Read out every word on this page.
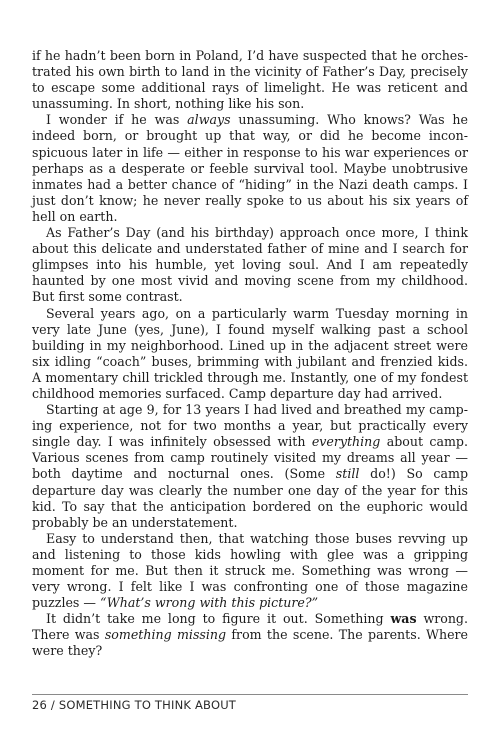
if he hadn’t been born in Poland, I’d have suspected that he orchestrated his own birth to land in the vicinity of Father’s Day, precisely to escape some additional rays of limelight. He was reticent and unassuming. In short, nothing like his son.

I wonder if he was always unassuming. Who knows? Was he indeed born, or brought up that way, or did he become inconspicuous later in life — either in response to his war experiences or perhaps as a desperate or feeble survival tool. Maybe unobtrusive inmates had a better chance of “hiding” in the Nazi death camps. I just don’t know; he never really spoke to us about his six years of hell on earth.

As Father’s Day (and his birthday) approach once more, I think about this delicate and understated father of mine and I search for glimpses into his humble, yet loving soul. And I am repeatedly haunted by one most vivid and moving scene from my childhood. But first some contrast.

Several years ago, on a particularly warm Tuesday morning in very late June (yes, June), I found myself walking past a school building in my neighborhood. Lined up in the adjacent street were six idling “coach” buses, brimming with jubilant and frenzied kids. A momentary chill trickled through me. Instantly, one of my fondest childhood memories surfaced. Camp departure day had arrived.

Starting at age 9, for 13 years I had lived and breathed my camping experience, not for two months a year, but practically every single day. I was infinitely obsessed with everything about camp. Various scenes from camp routinely visited my dreams all year — both daytime and nocturnal ones. (Some still do!) So camp departure day was clearly the number one day of the year for this kid. To say that the anticipation bordered on the euphoric would probably be an understatement.

Easy to understand then, that watching those buses revving up and listening to those kids howling with glee was a gripping moment for me. But then it struck me. Something was wrong — very wrong. I felt like I was confronting one of those magazine puzzles — “What’s wrong with this picture?”

It didn’t take me long to figure it out. Something was wrong. There was something missing from the scene. The parents. Where were they?

26 / SOMETHING TO THINK ABOUT
